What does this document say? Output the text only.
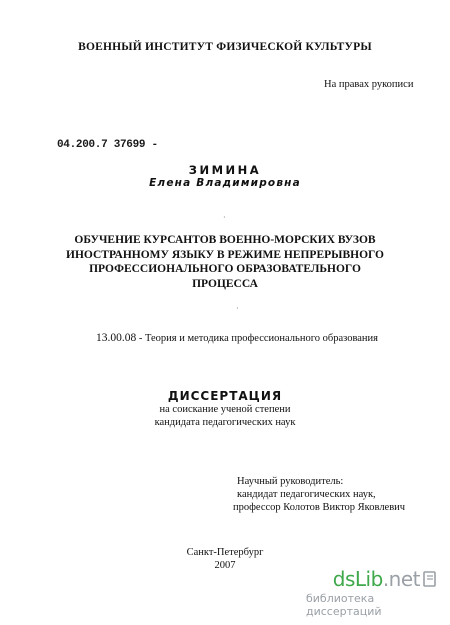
ВОЕННЫЙ ИНСТИТУТ ФИЗИЧЕСКОЙ КУЛЬТУРЫ
На правах рукописи
04.200.7 37699 -
ЗИМИНА
Елена Владимировна
·
ОБУЧЕНИЕ КУРСАНТОВ ВОЕННО-МОРСКИХ ВУЗОВ
ИНОСТРАННОМУ ЯЗЫКУ В РЕЖИМЕ НЕПРЕРЫВНОГО
ПРОФЕССИОНАЛЬНОГО ОБРАЗОВАТЕЛЬНОГО
ПРОЦЕССА
·
13.00.08 - Теория и методика профессионального образования
ДИССЕРТАЦИЯ
на соискание ученой степени
кандидата педагогических наук
Научный руководитель:
кандидат педагогических наук,
профессор Колотов Виктор Яковлевич
Санкт-Петербург
2007
dsLib.net
библиотека диссертаций
